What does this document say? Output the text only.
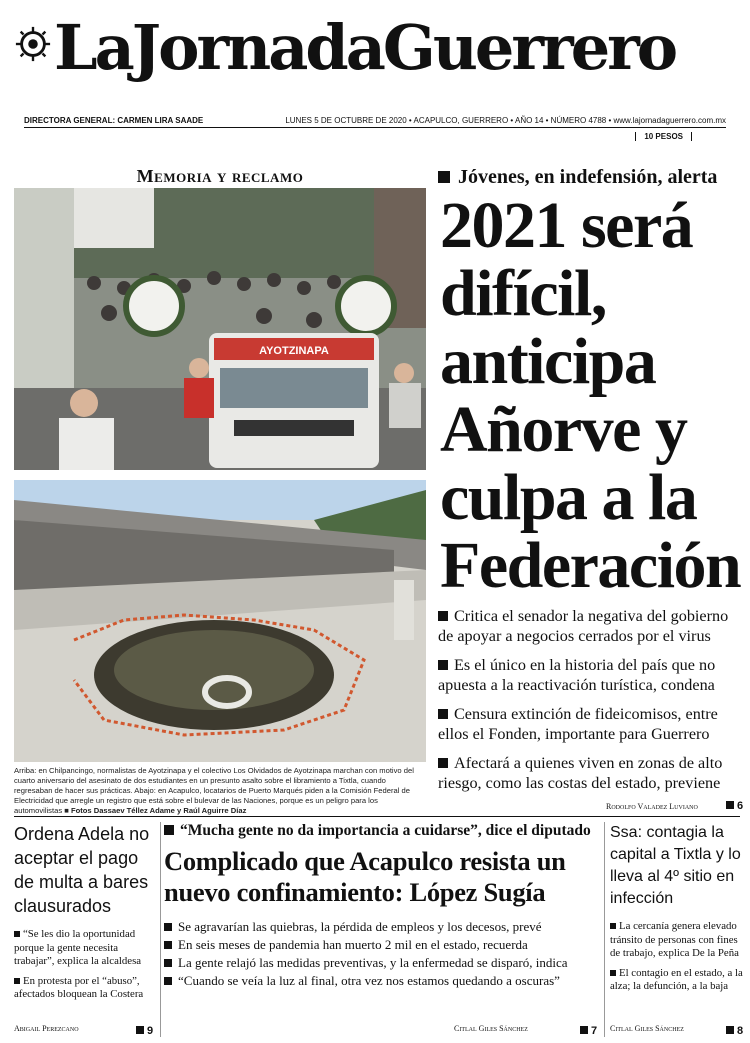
LaJornadaGuerrero
DIRECTORA GENERAL: CARMEN LIRA SAADE	LUNES 5 DE OCTUBRE DE 2020 • ACAPULCO, GUERRERO • AÑO 14 • NÚMERO 4788 • www.lajornadaguerrero.com.mx
10 PESOS
Memoria y reclamo
AYOTZINAPA
Arriba: en Chilpancingo, normalistas de Ayotzinapa y el colectivo Los Olvidados de Ayotzinapa marchan con motivo del cuarto aniversario del asesinato de dos estudiantes en un presunto asalto sobre el libramiento a Tixtla, cuando regresaban de hacer sus prácticas. Abajo: en Acapulco, locatarios de Puerto Marqués piden a la Comisión Federal de Electricidad que arregle un registro que está sobre el bulevar de las Naciones, porque es un peligro para los automovilistas ■ Fotos Dassaev Téllez Adame y Raúl Aguirre Díaz
Jóvenes, en indefensión, alerta
2021 será difícil, anticipa Añorve y culpa a la Federación
Critica el senador la negativa del gobierno de apoyar a negocios cerrados por el virus
Es el único en la historia del país que no apuesta a la reactivación turística, condena
Censura extinción de fideicomisos, entre ellos el Fonden, importante para Guerrero
Afectará a quienes viven en zonas de alto riesgo, como las costas del estado, previene
Rodolfo Valadez Luviano	6
Ordena Adela no aceptar el pago de multa a bares clausurados
“Se les dio la oportunidad porque la gente necesita trabajar”, explica la alcaldesa
En protesta por el “abuso”, afectados bloquean la Costera
Abigail Perezcano	9
“Mucha gente no da importancia a cuidarse”, dice el diputado
Complicado que Acapulco resista un nuevo confinamiento: López Sugía
Se agravarían las quiebras, la pérdida de empleos y los decesos, prevé
En seis meses de pandemia han muerto 2 mil en el estado, recuerda
La gente relajó las medidas preventivas, y la enfermedad se disparó, indica
“Cuando se veía la luz al final, otra vez nos estamos quedando a oscuras”
Citlal Giles Sánchez	7
Ssa: contagia la capital a Tixtla y lo lleva al 4º sitio en infección
La cercanía genera elevado tránsito de personas con fines de trabajo, explica De la Peña
El contagio en el estado, a la alza; la defunción, a la baja
Citlal Giles Sánchez	8
